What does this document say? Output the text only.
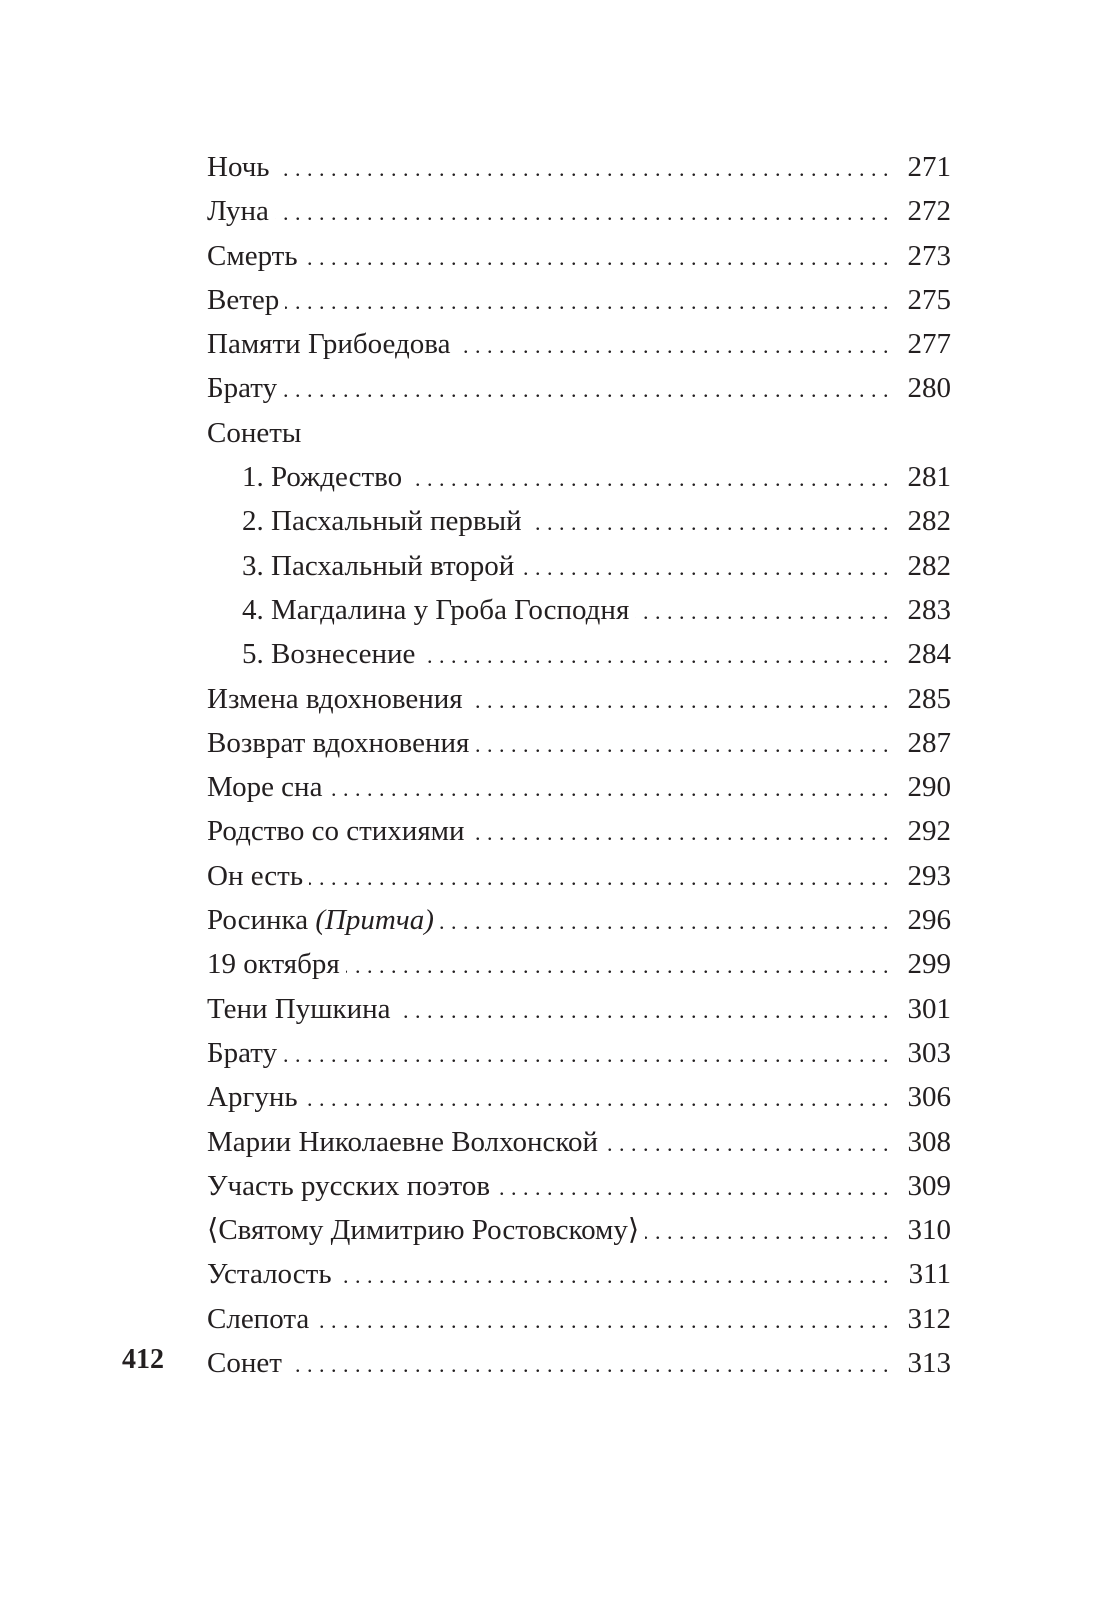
Ночь . . .	271
Луна . . .	272
Смерть . . .	273
Ветер . . .	275
Памяти Грибоедова . . .	277
Брату . . .	280
Сонеты
1. Рождество . . .	281
2. Пасхальный первый . . .	282
3. Пасхальный второй . . .	282
4. Магдалина у Гроба Господня . . .	283
5. Вознесение . . .	284
Измена вдохновения . . .	285
Возврат вдохновения . . .	287
Море сна . . .	290
Родство со стихиями . . .	292
Он есть . . .	293
Росинка (Притча) . . .	296
19 октября . . .	299
Тени Пушкина . . .	301
Брату . . .	303
Аргунь . . .	306
Марии Николаевне Волхонской . . .	308
Участь русских поэтов . . .	309
⟨Святому Димитрию Ростовскому⟩ . . .	310
Усталость . . .	311
Слепота . . .	312
Сонет . . .	313
412
